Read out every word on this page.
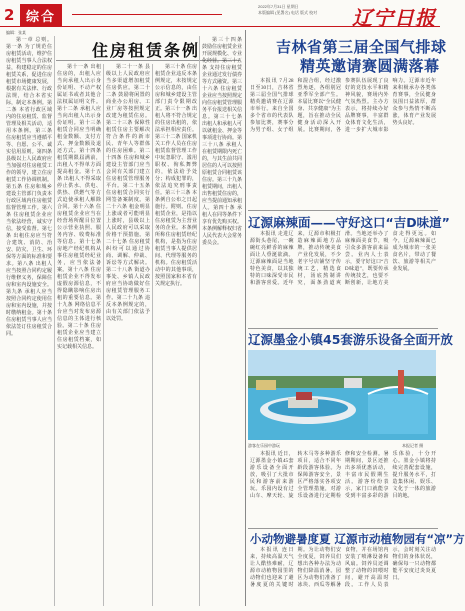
2 综合
2022年7月31日 星期日
本版编辑 (见署名) 电话 版式 校对 辽宁日报
编辑：张某
住房租赁条例

第一章 总则。第一条 为了规范住房租赁活动，维护住房租赁当事人合法权益，构建稳定的住房租赁关系，促进住房租赁市场健康发展，根据有关法律、行政法规，结合本省实际，制定本条例。第二条 本省行政区域内的住房租赁、监督管理及相关活动，适用本条例。第三条 住房租赁应当遵循平等、自愿、公平、诚实信用原则。第四条 县级以上人民政府应当加强对住房租赁工作的领导，建立住房租赁工作协调机制。第五条 住房和城乡建设主管部门负责本行政区域内住房租赁监督管理工作。第六条 住房租赁企业应当依法经营，诚实守信，接受监督。第七条 出租住房应当符合建筑、消防、治安、防灾、卫生、环保等方面的标准和要求。第八条 出租人应当按照合同约定履行维修义务，保障住房和室内设施安全。第九条 承租人应当按照合同约定使用住房和室内设施，并按时缴纳租金。第十条 住房租赁当事人应当依法签订住房租赁合同。

第十一条 出租住房的，出租人应当向承租人出示身份证明、不动产权属证书或者其他合法权属证明文件。第十二条 承租人应当向出租人出示身份证明。第十三条 租赁合同应当明确租金数额、支付方式、押金数额及退还方式。第十四条 租赁期限届满前，出租人不得单方面提高租金。第十五条 出租人不得采取停止供水、供电、供热、供燃气等方式迫使承租人解除合同。第十六条 住房租赁企业应当在经营场所醒目位置公示营业执照、服务内容、收费标准等信息。第十七条 房地产经纪机构从事住房租赁经纪业务，应当依法备案。第十八条 住房租赁企业不得发布虚假房源信息，不得隐瞒影响住房出租的重要信息。第十九条 网络信息平台应当对发布房源信息的主体进行核验。第二十条 住房租赁企业应当建立住房租赁档案，如实记载相关信息。

第二十一条 县级以上人民政府应当多渠道增加租赁住房供应。第二十二条 鼓励将闲置的商业办公用房、工业厂房等按照规定改建为租赁住房。第二十三条 保障性租赁住房主要解决符合条件的新市民、青年人等群体的住房困难。第二十四条 住房和城乡建设主管部门应当会同有关部门建立住房租赁管理服务平台。第二十五条 住房租赁合同实行网签备案制度。第二十六条 租金明显上涨或者可能明显上涨时，县级以上人民政府可以采取价格干预措施。第二十七条 住房租赁纠纷可以通过协商、调解、仲裁、诉讼等方式解决。第二十八条 街道办事处、乡镇人民政府应当协助做好住房租赁管理服务工作。第二十九条 违反本条例规定的，由有关部门依法予以处罚。

第三十条 住房租赁企业违反本条例规定，未按规定公示信息的，由住房和城乡建设主管部门责令限期改正。第三十一条 出租人将不符合规定的住房出租的，依法承担相应责任。第三十二条 国家机关工作人员在住房租赁监督管理工作中玩忽职守、滥用职权、徇私舞弊的，依法给予处分；构成犯罪的，依法追究刑事责任。第三十三条 本条例自公布之日起施行。附则。住房租赁企业，是指以住房租赁为主营业务的企业。本条例所称住房租赁经纪机构，是指为住房租赁当事人提供居间、代理等服务的机构。住房租赁活动中的其他事项，按照国家和本省有关规定执行。

第三十四条 鼓励住房租赁企业开展规模化、专业化经营。第三十五条 支持住房租赁企业通过发行债券等方式融资。第三十六条 住房租赁企业应当按照规定向住房租赁管理服务平台报送相关信息。第三十七条 出租人和承租人可以就租金、押金等事项进行协商。第三十八条 承租人在租赁期限内死亡的，与其生前共同居住的人可以按照原租赁合同租赁该住房。第三十九条 租赁期间，出租人出售租赁住房的，应当提前通知承租人。第四十条 承租人在同等条件下享有优先购买权。本条例解释权归省人民代表大会常务委员会。

吉林省第三届全国气排球
精英邀请赛圆满落幕

本报讯 7月28日至30日，吉林省第三届全国气排球精英邀请赛在辽源市举行。来自全国多个省市的代表队参加比赛，赛事分为男子组、女子组和混合组，经过激烈角逐，各组别冠亚季军全部产生。本届比赛以“全民健身、共享健康”为主题，旨在推动全民健身活动深入开展。比赛期间，各参赛队伍展现了良好的竞技水平和精神风貌，赛场内外气氛热烈。主办方表示，将持续办好品牌赛事，丰富群众体育文化生活，进一步扩大城市影响力。辽源市近年来积极承办各类体育赛事，全民健身氛围日益浓厚，群众参与热情不断高涨，体育产业发展势头良好。

辽源麻辣面——守好这口“吉D味道”

本报讯 走进辽源街头巷尾，一碗碗红亮鲜香的麻辣面让人垂涎欲滴。辽源麻辣面是当地特色美食，以其独特的口味深受市民和游客喜爱。近年来，辽源市积极打造麻辣面地方品牌，推动传统美食产业化发展，不少老字号店铺坚守传统工艺，精选食材，汤底熬制讲究，面条劲道爽滑。当地还举办了麻辣面美食节，吸引众多游客前来品尝。业内人士表示，要守好这口“吉D味道”，既要传承传统技艺，也要不断创新，让地方美食走得更远。如今，辽源麻辣面已成为城市的一张美食名片，带动了餐饮、旅游等相关产业发展。

辽源墨金小镇45套游乐设备全面开放
游客在乐园中游玩	本报记者 摄

本报讯 近日，辽源墨金小镇45套游乐设备全面开放，吸引了大批市民和游客前来游玩。乐园内设有过山车、摩天轮、旋转木马等多种游乐项目，适合不同年龄段游客体验。为保障游客安全，景区严格落实各项安全管理措施，对游乐设备进行定期检修和安全检测。暑期期间，景区还推出多项优惠活动，丰富市民假期生活。游客纷纷表示，家门口就能享受到丰富多彩的游乐体验，十分开心。墨金小镇将持续完善配套设施，提升服务水平，打造集休闲、娱乐、文化于一体的旅游目的地。

小动物避暑度夏 辽源市动植物园有“凉”方

本报讯 连日来，持续高温天气让人酷热难耐，辽源市动植物园里的动物们也迎来了避暑度夏的关键时期。为让动物们安全度夏，饲养员们想出各种办法为动物们降温消暑。园区为动物们准备了冰块、西瓜等解暑食物，并在场馆内安装了喷淋设备和风扇。饲养员还调整了动物的饲喂时间，避开高温时段。工作人员表示，会时刻关注动物们的身体状况，确保每一只动物都能平安度过炎炎夏日。
